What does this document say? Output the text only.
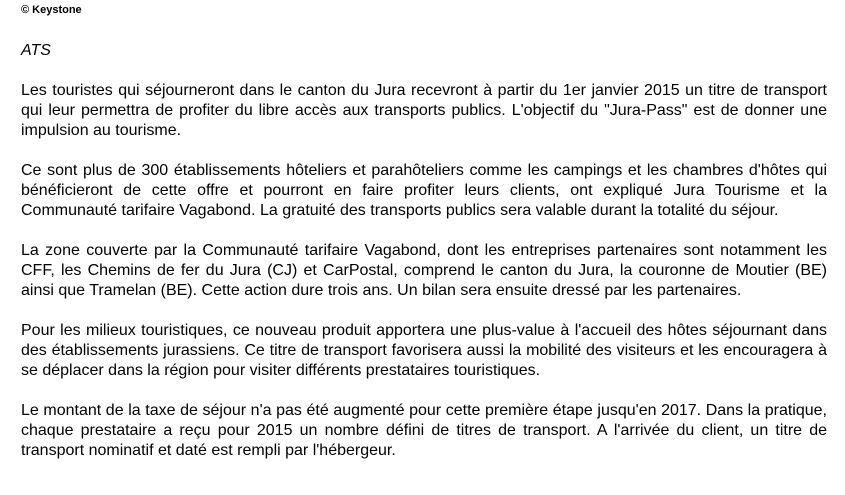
© Keystone
ATS

Les touristes qui séjourneront dans le canton du Jura recevront à partir du 1er janvier 2015 un titre de transport qui leur permettra de profiter du libre accès aux transports publics. L'objectif du "Jura-Pass" est de donner une impulsion au tourisme.

Ce sont plus de 300 établissements hôteliers et parahôteliers comme les campings et les chambres d'hôtes qui bénéficieront de cette offre et pourront en faire profiter leurs clients, ont expliqué Jura Tourisme et la Communauté tarifaire Vagabond. La gratuité des transports publics sera valable durant la totalité du séjour.

La zone couverte par la Communauté tarifaire Vagabond, dont les entreprises partenaires sont notamment les CFF, les Chemins de fer du Jura (CJ) et CarPostal, comprend le canton du Jura, la couronne de Moutier (BE) ainsi que Tramelan (BE). Cette action dure trois ans. Un bilan sera ensuite dressé par les partenaires.

Pour les milieux touristiques, ce nouveau produit apportera une plus-value à l'accueil des hôtes séjournant dans des établissements jurassiens. Ce titre de transport favorisera aussi la mobilité des visiteurs et les encouragera à se déplacer dans la région pour visiter différents prestataires touristiques.

Le montant de la taxe de séjour n'a pas été augmenté pour cette première étape jusqu'en 2017. Dans la pratique, chaque prestataire a reçu pour 2015 un nombre défini de titres de transport. A l'arrivée du client, un titre de transport nominatif et daté est rempli par l'hébergeur.
